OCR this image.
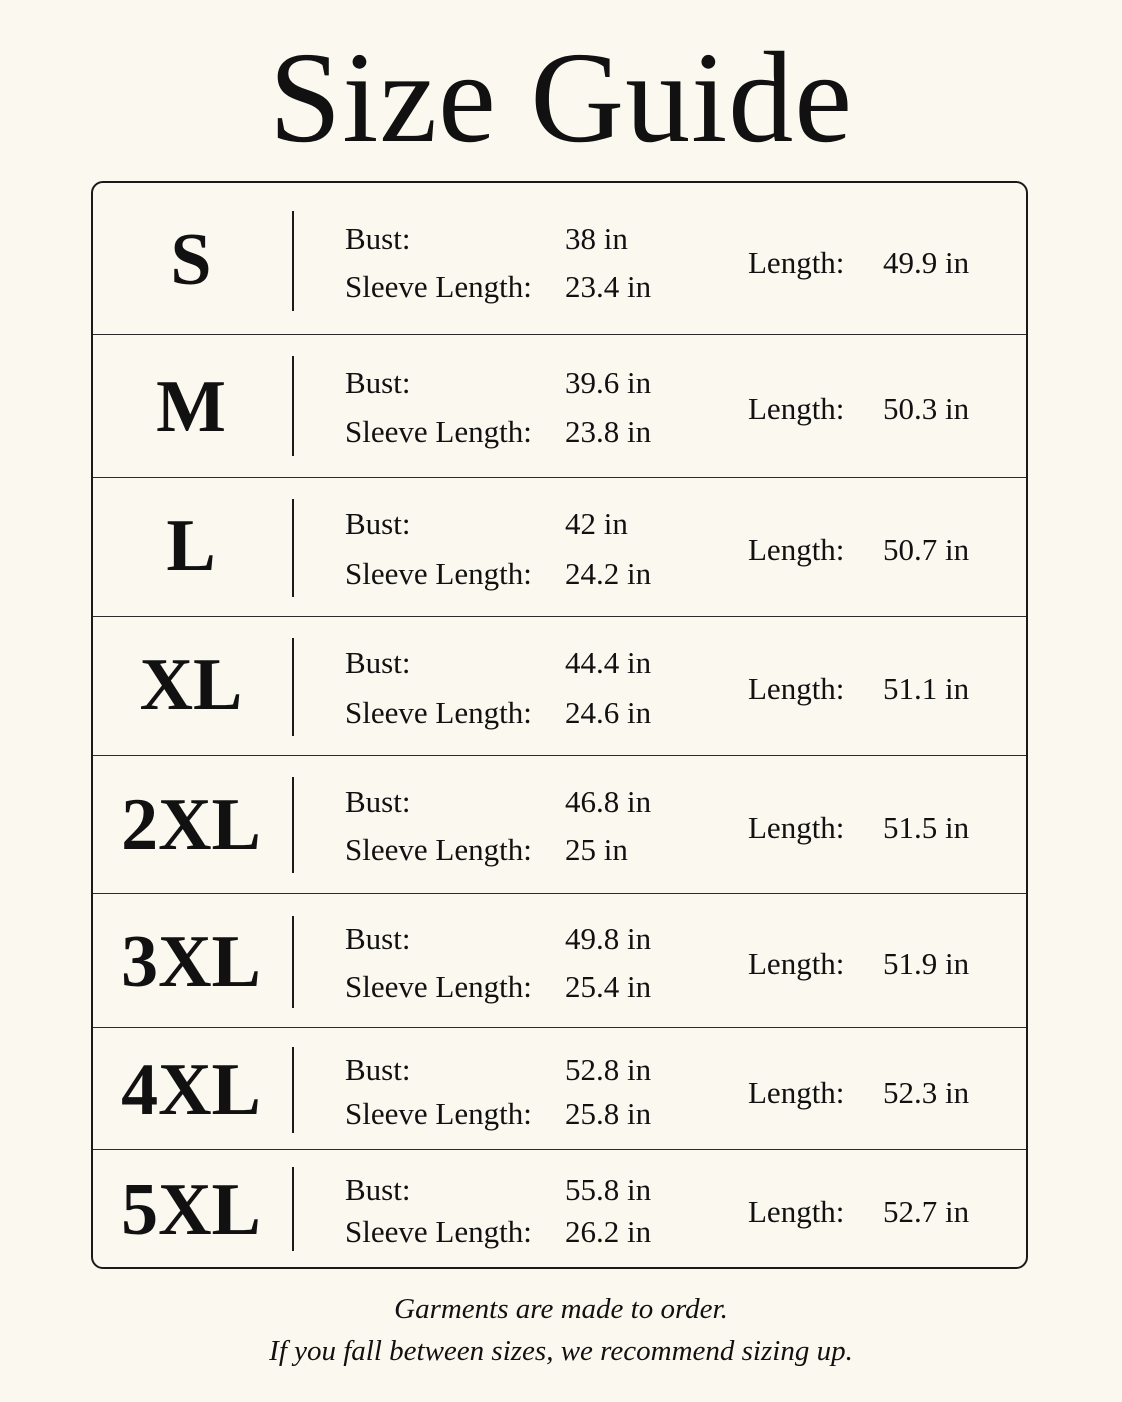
Size Guide
S	Bust:	38 in
Sleeve Length: 23.4 in
Length: 49.9 in
M	Bust:	39.6 in
Sleeve Length: 23.8 in
Length: 50.3 in
L	Bust:	42 in
Sleeve Length: 24.2 in
Length: 50.7 in
XL	Bust:	44.4 in
Sleeve Length: 24.6 in
Length: 51.1 in
2XL	Bust:	46.8 in
Sleeve Length: 25 in
Length: 51.5 in
3XL	Bust:	49.8 in
Sleeve Length: 25.4 in
Length: 51.9 in
4XL	Bust:	52.8 in
Sleeve Length: 25.8 in
Length: 52.3 in
5XL	Bust:	55.8 in
Sleeve Length: 26.2 in
Length: 52.7 in
Garments are made to order.
If you fall between sizes, we recommend sizing up.
